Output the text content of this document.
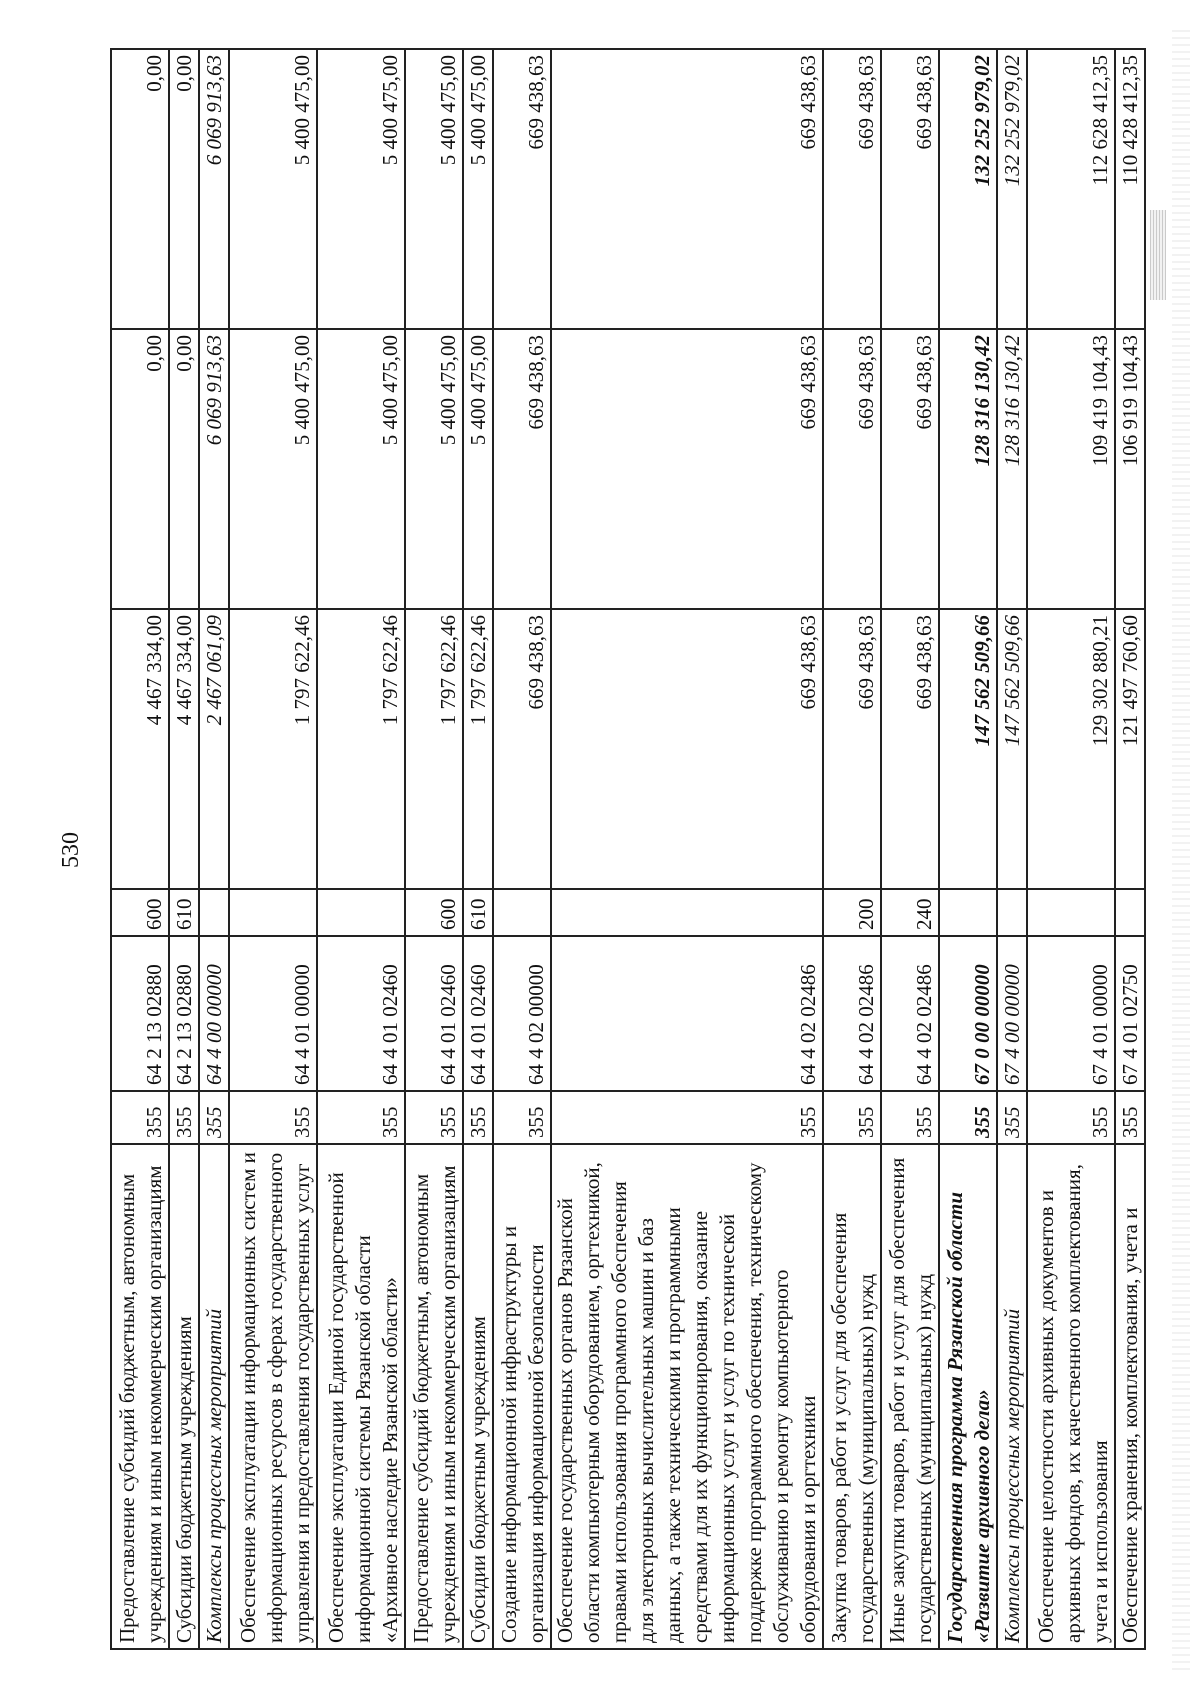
530
Предоставление субсидий бюджетным, автономным учреждениям и иным некоммерческим организациям	355	64 2 13 02880	600	4 467 334,00	0,00	0,00
Субсидии бюджетным учреждениям	355	64 2 13 02880	610	4 467 334,00	0,00	0,00
Комплексы процессных мероприятий	355	64 4 00 00000		2 467 061,09	6 069 913,63	6 069 913,63
Обеспечение эксплуатации информационных систем и информационных ресурсов в сферах государственного управления и предоставления государственных услуг	355	64 4 01 00000		1 797 622,46	5 400 475,00	5 400 475,00
Обеспечение эксплуатации Единой государственной информационной системы Рязанской области «Архивное наследие Рязанской области»	355	64 4 01 02460		1 797 622,46	5 400 475,00	5 400 475,00
Предоставление субсидий бюджетным, автономным учреждениям и иным некоммерческим организациям	355	64 4 01 02460	600	1 797 622,46	5 400 475,00	5 400 475,00
Субсидии бюджетным учреждениям	355	64 4 01 02460	610	1 797 622,46	5 400 475,00	5 400 475,00
Создание информационной инфраструктуры и организация информационной безопасности	355	64 4 02 00000		669 438,63	669 438,63	669 438,63
Обеспечение государственных органов Рязанской области компьютерным оборудованием, оргтехникой, правами использования программного обеспечения для электронных вычислительных машин и баз данных, а также техническими и программными средствами для их функционирования, оказание информационных услуг и услуг по технической поддержке программного обеспечения, техническому обслуживанию и ремонту компьютерного оборудования и оргтехники	355	64 4 02 02486		669 438,63	669 438,63	669 438,63
Закупка товаров, работ и услуг для обеспечения государственных (муниципальных) нужд	355	64 4 02 02486	200	669 438,63	669 438,63	669 438,63
Иные закупки товаров, работ и услуг для обеспечения государственных (муниципальных) нужд	355	64 4 02 02486	240	669 438,63	669 438,63	669 438,63
Государственная программа Рязанской области «Развитие архивного дела»	355	67 0 00 00000		147 562 509,66	128 316 130,42	132 252 979,02
Комплексы процессных мероприятий	355	67 4 00 00000		147 562 509,66	128 316 130,42	132 252 979,02
Обеспечение целостности архивных документов и архивных фондов, их качественного комплектования, учета и использования	355	67 4 01 00000		129 302 880,21	109 419 104,43	112 628 412,35
Обеспечение хранения, комплектования, учета и	355	67 4 01 02750		121 497 760,60	106 919 104,43	110 428 412,35
